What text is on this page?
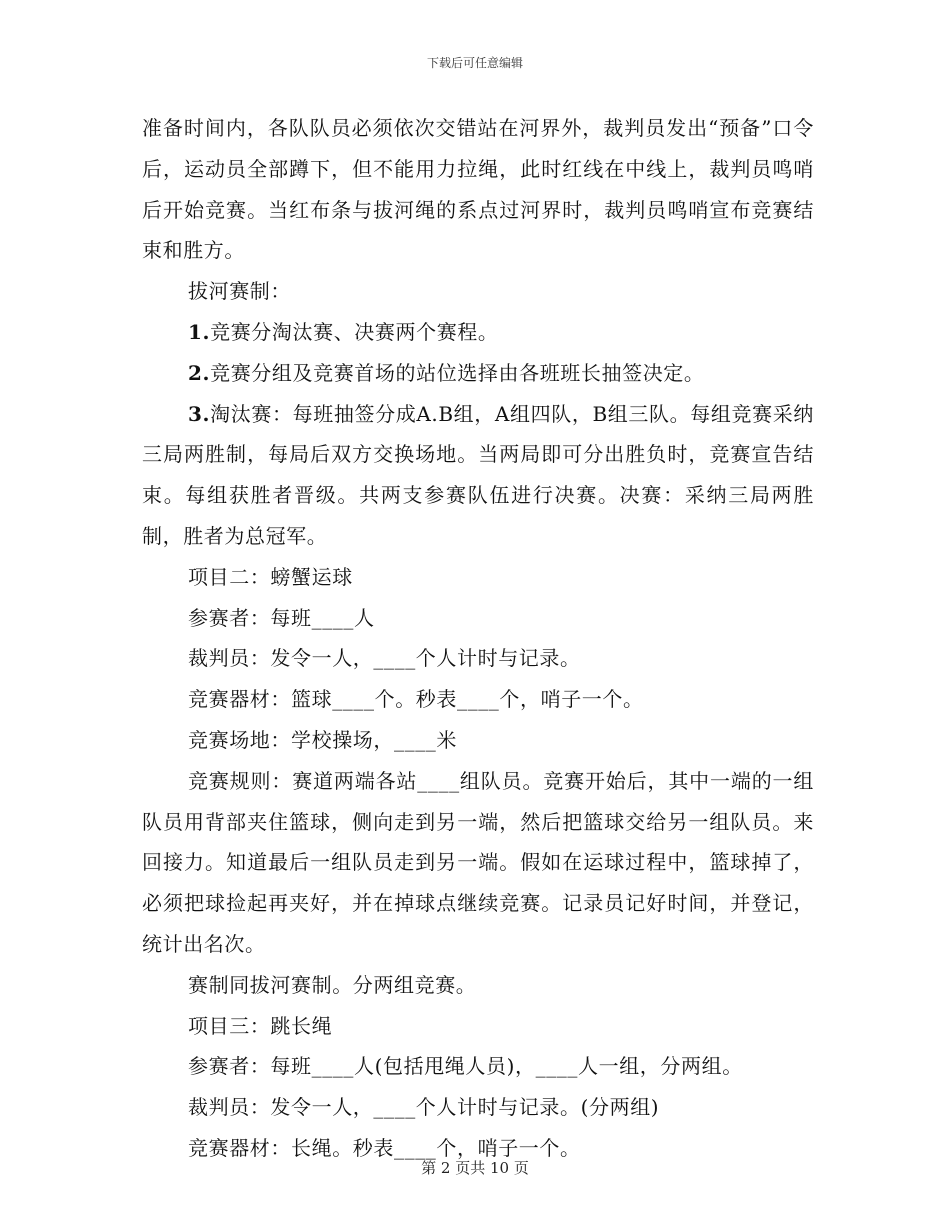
下载后可任意编辑

准备时间内，各队队员必须依次交错站在河界外，裁判员发出“预备”口令后，运动员全部蹲下，但不能用力拉绳，此时红线在中线上，裁判员鸣哨后开始竞赛。当红布条与拔河绳的系点过河界时，裁判员鸣哨宣布竞赛结束和胜方。

拔河赛制：

1.竞赛分淘汰赛、决赛两个赛程。

2.竞赛分组及竞赛首场的站位选择由各班班长抽签决定。

3.淘汰赛：每班抽签分成A.B组，A组四队，B组三队。每组竞赛采纳三局两胜制，每局后双方交换场地。当两局即可分出胜负时，竞赛宣告结束。每组获胜者晋级。共两支参赛队伍进行决赛。决赛：采纳三局两胜制，胜者为总冠军。

项目二：螃蟹运球

参赛者：每班____人

裁判员：发令一人，____个人计时与记录。

竞赛器材：篮球____个。秒表____个，哨子一个。

竞赛场地：学校操场，____米

竞赛规则：赛道两端各站____组队员。竞赛开始后，其中一端的一组队员用背部夹住篮球，侧向走到另一端，然后把篮球交给另一组队员。来回接力。知道最后一组队员走到另一端。假如在运球过程中，篮球掉了，必须把球捡起再夹好，并在掉球点继续竞赛。记录员记好时间，并登记，统计出名次。

赛制同拔河赛制。分两组竞赛。

项目三：跳长绳

参赛者：每班____人(包括甩绳人员)，____人一组，分两组。

裁判员：发令一人，____个人计时与记录。(分两组)

竞赛器材：长绳。秒表____个，哨子一个。

第 2 页共 10 页
